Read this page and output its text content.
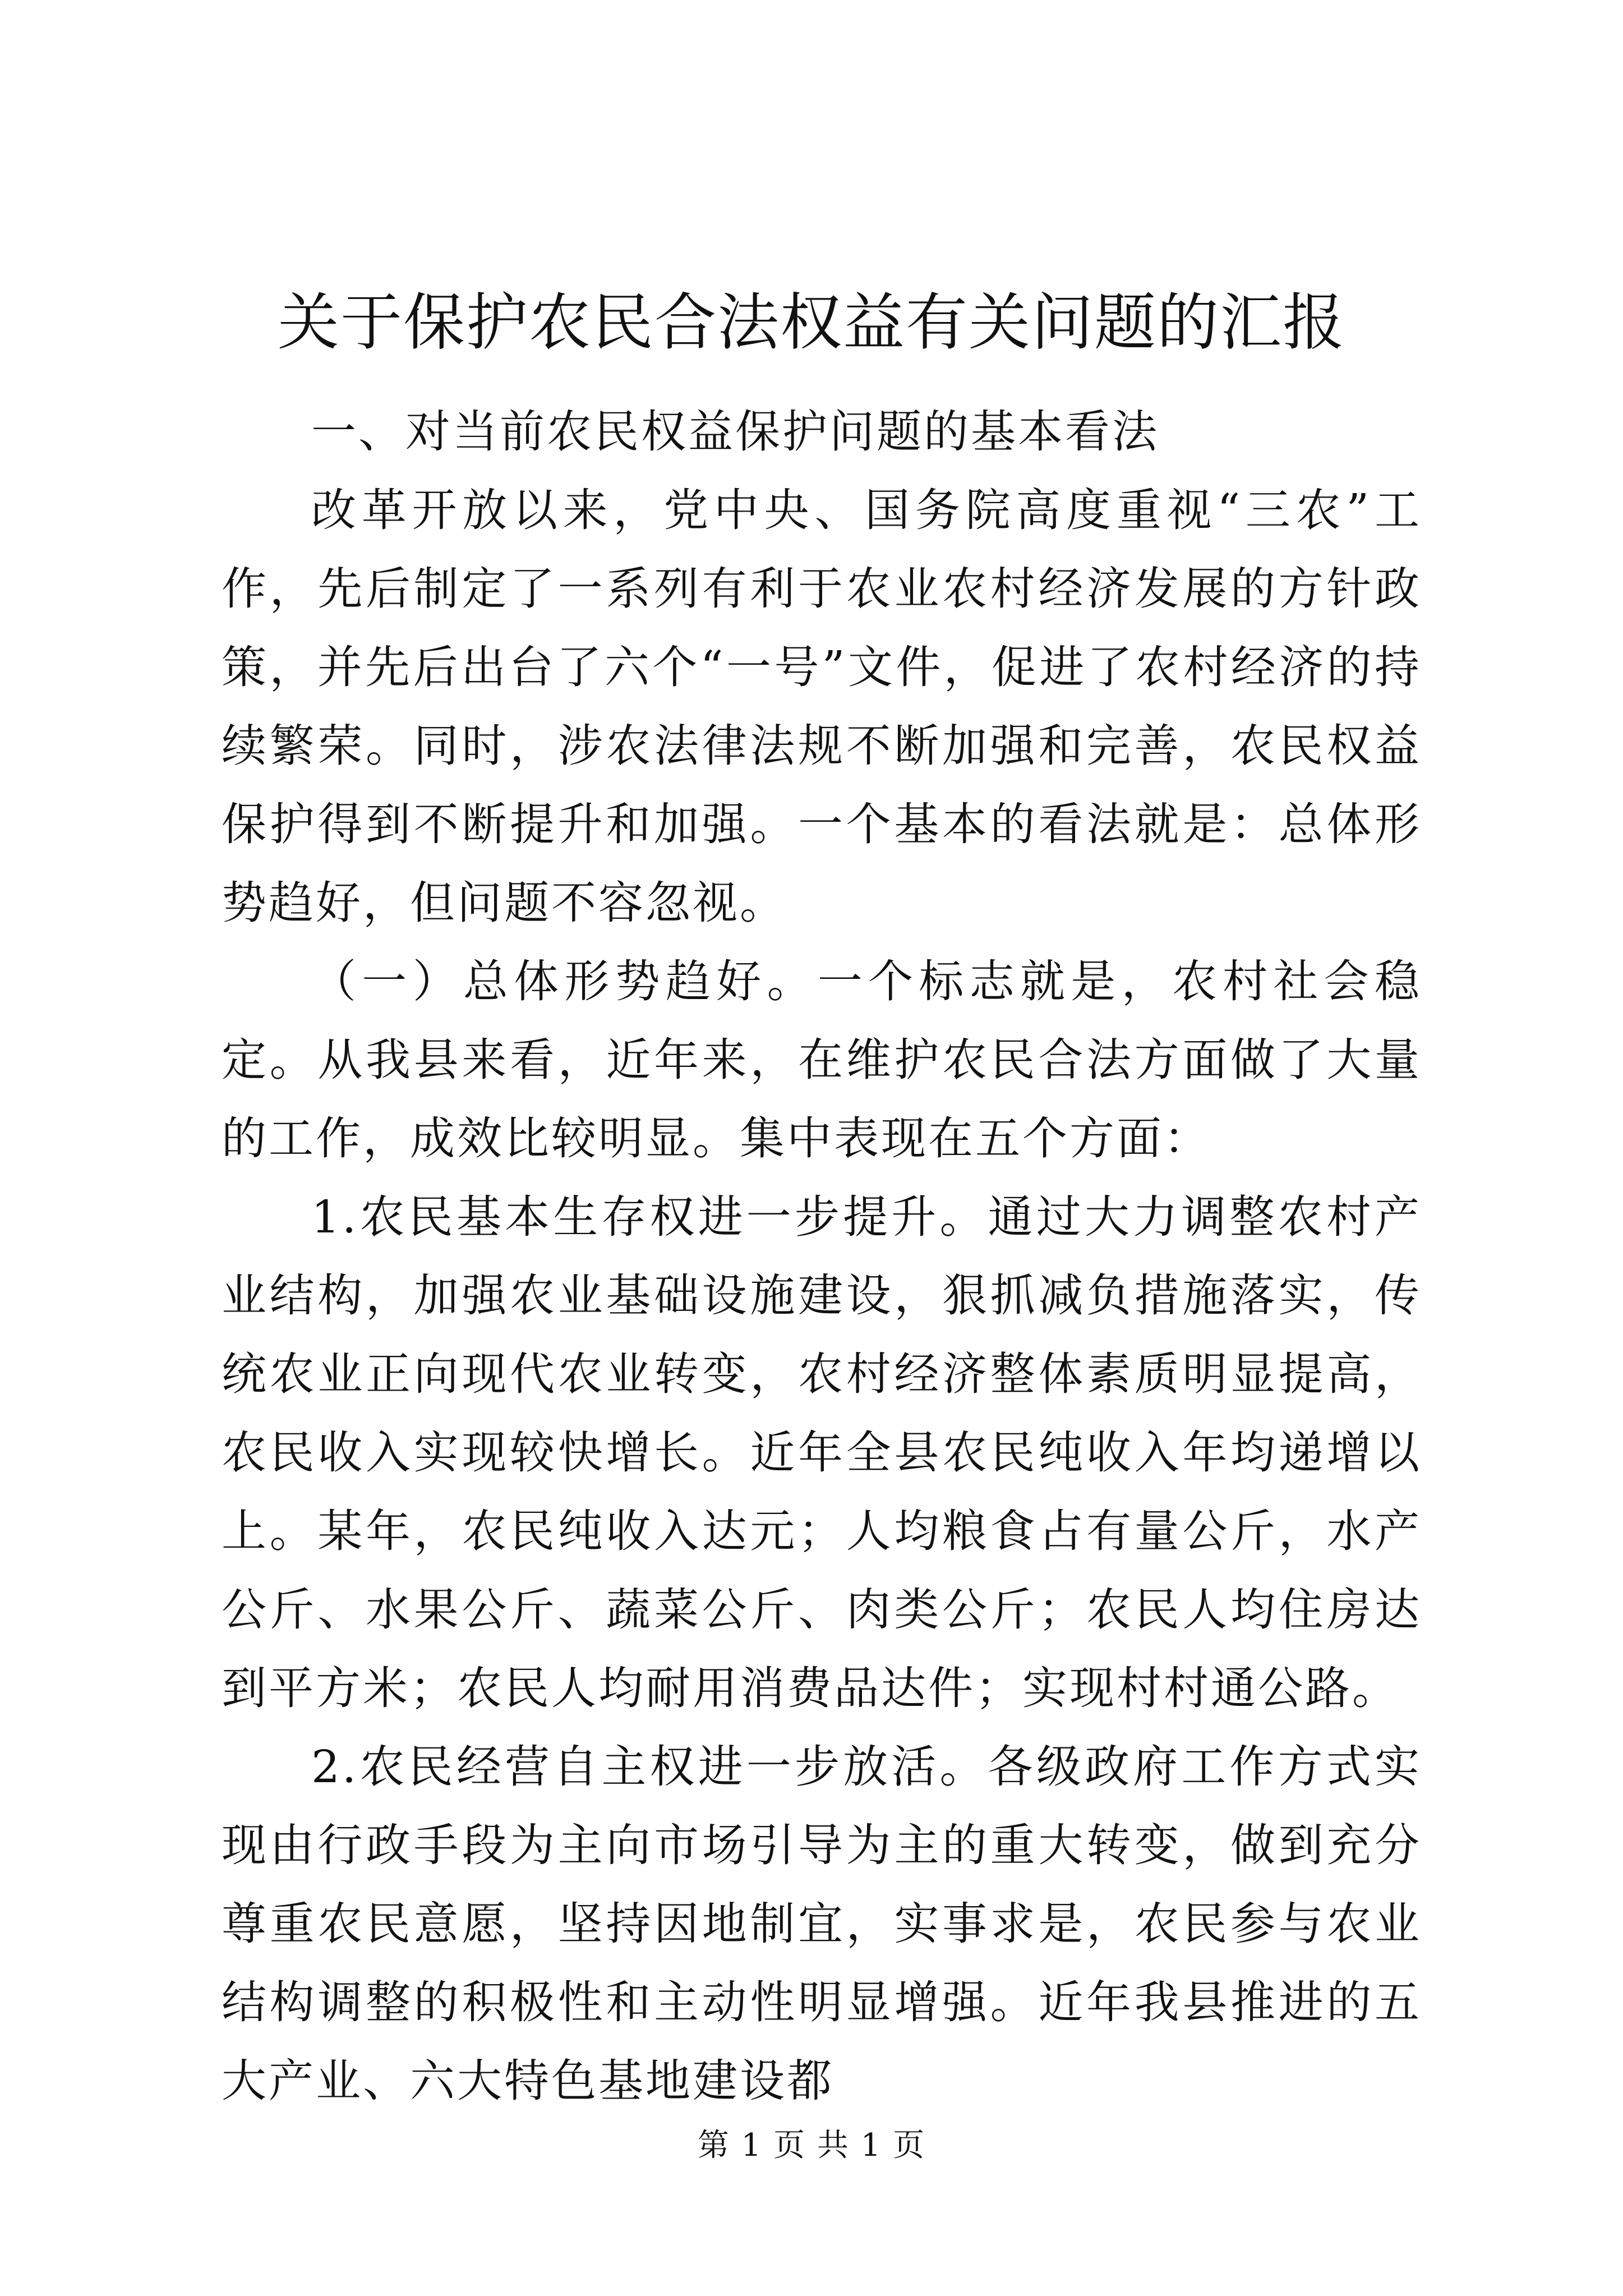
关于保护农民合法权益有关问题的汇报

一、对当前农民权益保护问题的基本看法

改革开放以来，党中央、国务院高度重视“三农”工作，先后制定了一系列有利于农业农村经济发展的方针政策，并先后出台了六个“一号”文件，促进了农村经济的持续繁荣。同时，涉农法律法规不断加强和完善，农民权益保护得到不断提升和加强。一个基本的看法就是：总体形势趋好，但问题不容忽视。

（一）总体形势趋好。一个标志就是，农村社会稳定。从我县来看，近年来，在维护农民合法方面做了大量的工作，成效比较明显。集中表现在五个方面：

1.农民基本生存权进一步提升。通过大力调整农村产业结构，加强农业基础设施建设，狠抓减负措施落实，传统农业正向现代农业转变，农村经济整体素质明显提高，农民收入实现较快增长。近年全县农民纯收入年均递增以上。某年，农民纯收入达元；人均粮食占有量公斤，水产公斤、水果公斤、蔬菜公斤、肉类公斤；农民人均住房达到平方米；农民人均耐用消费品达件；实现村村通公路。

2.农民经营自主权进一步放活。各级政府工作方式实现由行政手段为主向市场引导为主的重大转变，做到充分尊重农民意愿，坚持因地制宜，实事求是，农民参与农业结构调整的积极性和主动性明显增强。近年我县推进的五大产业、六大特色基地建设都

第 1 页 共 1 页
